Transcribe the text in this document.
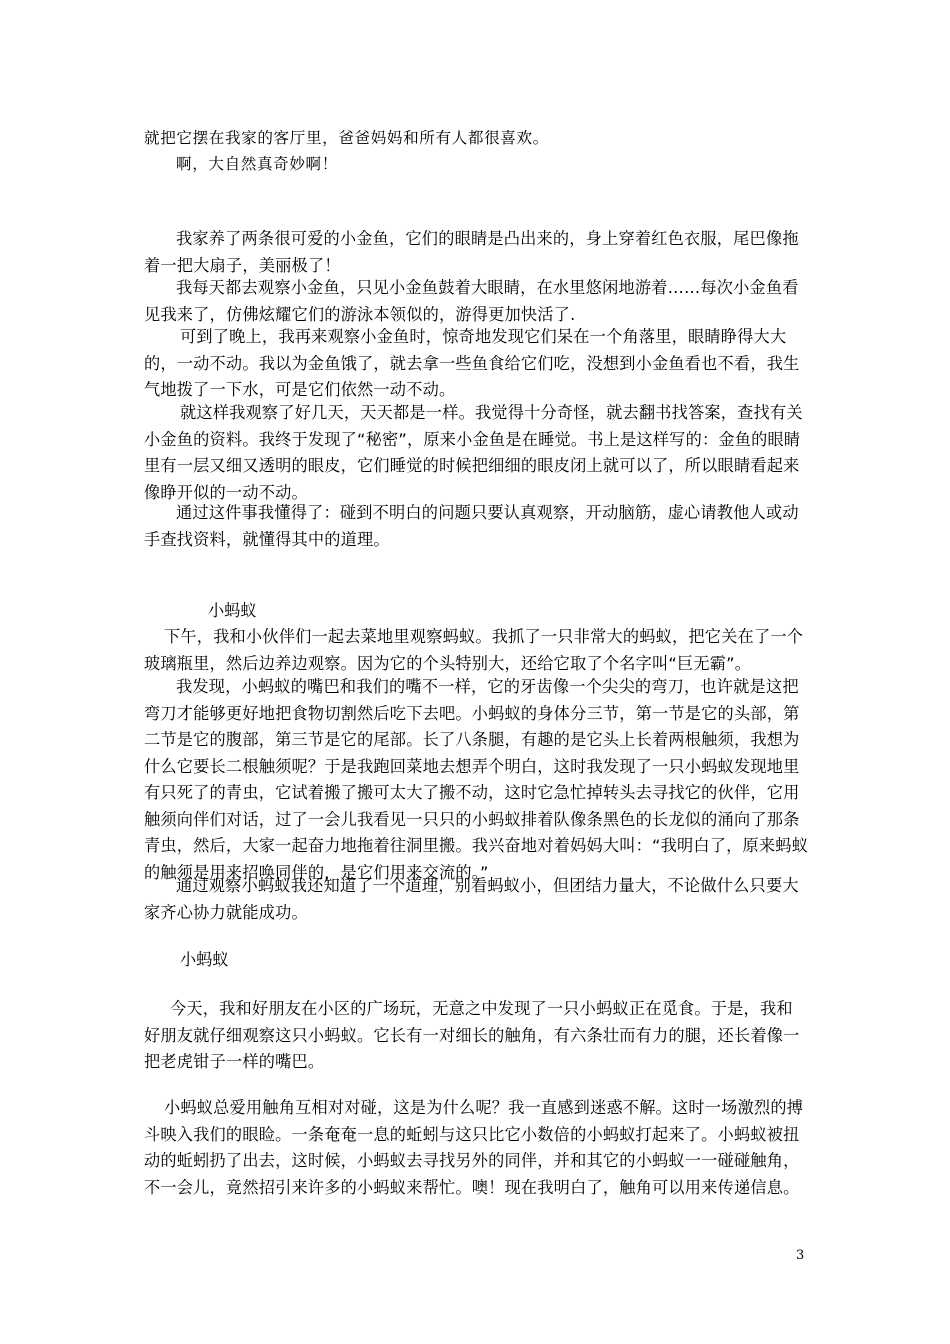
就把它摆在我家的客厅里，爸爸妈妈和所有人都很喜欢。

啊，大自然真奇妙啊！

我家养了两条很可爱的小金鱼，它们的眼睛是凸出来的，身上穿着红色衣服，尾巴像拖着一把大扇子，美丽极了！

我每天都去观察小金鱼，只见小金鱼鼓着大眼睛，在水里悠闲地游着……每次小金鱼看见我来了，仿佛炫耀它们的游泳本领似的，游得更加快活了.

可到了晚上，我再来观察小金鱼时，惊奇地发现它们呆在一个角落里，眼睛睁得大大的，一动不动。我以为金鱼饿了，就去拿一些鱼食给它们吃，没想到小金鱼看也不看，我生气地拨了一下水，可是它们依然一动不动。

就这样我观察了好几天，天天都是一样。我觉得十分奇怪，就去翻书找答案，查找有关小金鱼的资料。我终于发现了“秘密”，原来小金鱼是在睡觉。书上是这样写的：金鱼的眼睛里有一层又细又透明的眼皮，它们睡觉的时候把细细的眼皮闭上就可以了，所以眼睛看起来像睁开似的一动不动。

通过这件事我懂得了：碰到不明白的问题只要认真观察，开动脑筋，虚心请教他人或动手查找资料，就懂得其中的道理。

小蚂蚁

下午，我和小伙伴们一起去菜地里观察蚂蚁。我抓了一只非常大的蚂蚁，把它关在了一个玻璃瓶里，然后边养边观察。因为它的个头特别大，还给它取了个名字叫“巨无霸”。

我发现，小蚂蚁的嘴巴和我们的嘴不一样，它的牙齿像一个尖尖的弯刀，也许就是这把弯刀才能够更好地把食物切割然后吃下去吧。小蚂蚁的身体分三节，第一节是它的头部，第二节是它的腹部，第三节是它的尾部。长了八条腿，有趣的是它头上长着两根触须，我想为什么它要长二根触须呢？于是我跑回菜地去想弄个明白，这时我发现了一只小蚂蚁发现地里有只死了的青虫，它试着搬了搬可太大了搬不动，这时它急忙掉转头去寻找它的伙伴，它用触须向伴们对话，过了一会儿我看见一只只的小蚂蚁排着队像条黑色的长龙似的涌向了那条青虫，然后，大家一起奋力地拖着往洞里搬。我兴奋地对着妈妈大叫：“我明白了，原来蚂蚁的触须是用来招唤同伴的，是它们用来交流的。”

通过观察小蚂蚁我还知道了一个道理，别看蚂蚁小，但团结力量大，不论做什么只要大家齐心协力就能成功。

小蚂蚁

今天，我和好朋友在小区的广场玩，无意之中发现了一只小蚂蚁正在觅食。于是，我和好朋友就仔细观察这只小蚂蚁。它长有一对细长的触角，有六条壮而有力的腿，还长着像一把老虎钳子一样的嘴巴。

小蚂蚁总爱用触角互相对对碰，这是为什么呢？我一直感到迷惑不解。这时一场激烈的搏斗映入我们的眼睑。一条奄奄一息的蚯蚓与这只比它小数倍的小蚂蚁打起来了。小蚂蚁被扭动的蚯蚓扔了出去，这时候，小蚂蚁去寻找另外的同伴，并和其它的小蚂蚁一一碰碰触角，不一会儿，竟然招引来许多的小蚂蚁来帮忙。噢！现在我明白了，触角可以用来传递信息。

3
